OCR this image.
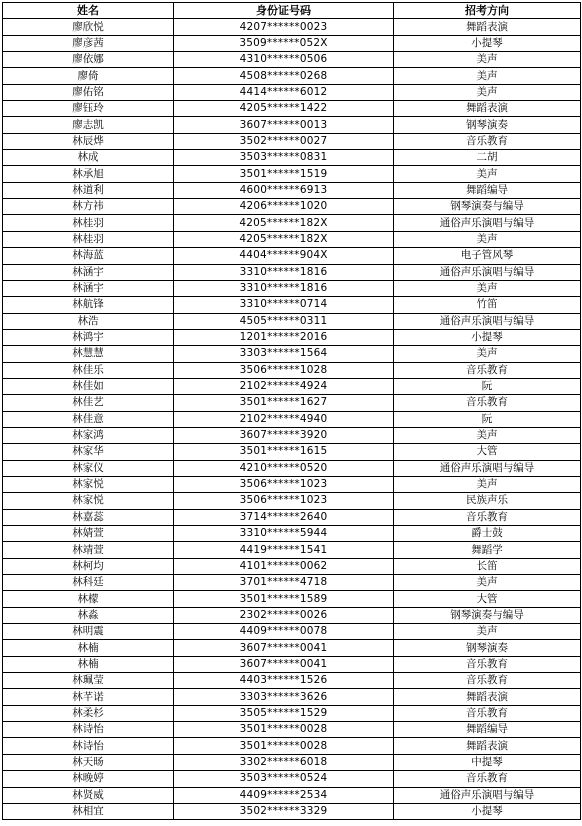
姓名	身份证号码	招考方向
廖欣悦	4207******0023	舞蹈表演
廖彦茜	3509******052X	小提琴
廖依娜	4310******0506	美声
廖倚	4508******0268	美声
廖佑铭	4414******6012	美声
廖钰玲	4205******1422	舞蹈表演
廖志凯	3607******0013	钢琴演奏
林辰烨	3502******0027	音乐教育
林成	3503******0831	二胡
林承旭	3501******1519	美声
林道利	4600******6913	舞蹈编导
林方祎	4206******1020	钢琴演奏与编导
林桂羽	4205******182X	通俗声乐演唱与编导
林桂羽	4205******182X	美声
林海蓝	4404******904X	电子管风琴
林涵宇	3310******1816	通俗声乐演唱与编导
林涵宇	3310******1816	美声
林航锋	3310******0714	竹笛
林浩	4505******0311	通俗声乐演唱与编导
林鸿宇	1201******2016	小提琴
林慧慧	3303******1564	美声
林佳乐	3506******1028	音乐教育
林佳如	2102******4924	阮
林佳艺	3501******1627	音乐教育
林佳意	2102******4940	阮
林家鸿	3607******3920	美声
林家华	3501******1615	大管
林家仪	4210******0520	通俗声乐演唱与编导
林家悦	3506******1023	美声
林家悦	3506******1023	民族声乐
林嘉蕊	3714******2640	音乐教育
林婧萱	3310******5944	爵士鼓
林靖萱	4419******1541	舞蹈学
林柯均	4101******0062	长笛
林科廷	3701******4718	美声
林檬	3501******1589	大管
林淼	2302******0026	钢琴演奏与编导
林明震	4409******0078	美声
林楠	3607******0041	钢琴演奏
林楠	3607******0041	音乐教育
林珮莹	4403******1526	音乐教育
林芊诺	3303******3626	舞蹈表演
林柔杉	3505******1529	音乐教育
林诗怡	3501******0028	舞蹈编导
林诗怡	3501******0028	舞蹈表演
林天旸	3302******6018	中提琴
林晚婷	3503******0524	音乐教育
林贤威	4409******2534	通俗声乐演唱与编导
林相宜	3502******3329	小提琴
